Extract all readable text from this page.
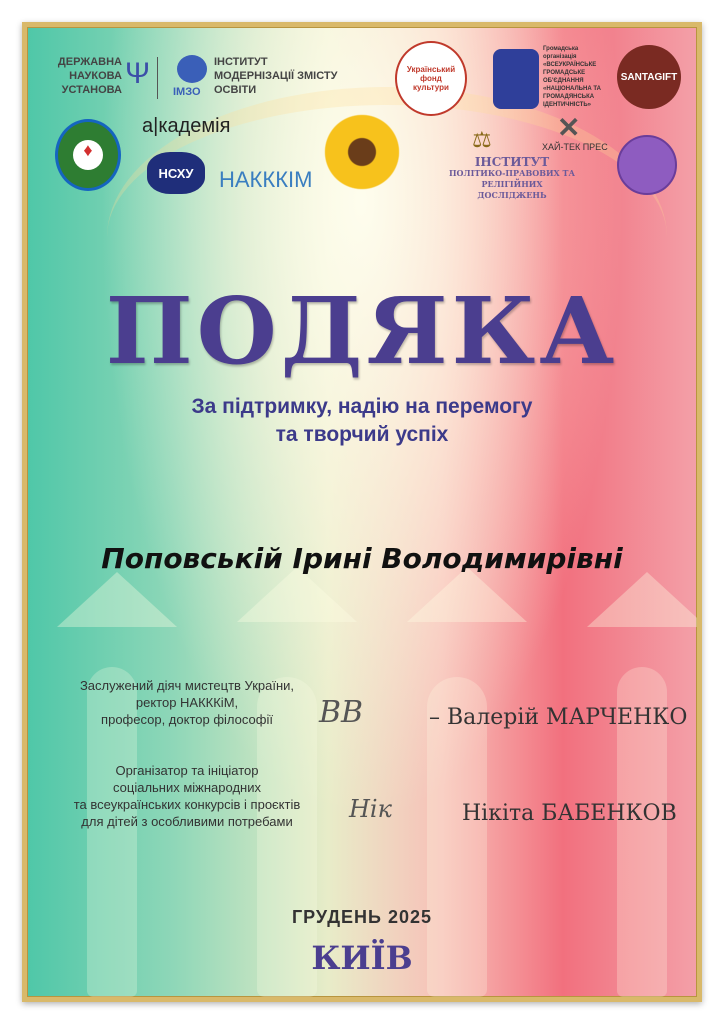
ДЕРЖАВНА
НАУКОВА
УСТАНОВА Ψ
ІМЗО
ІНСТИТУТ
МОДЕРНІЗАЦІЇ ЗМІСТУ
ОСВІТИ
Український фонд культури
Громадська організація
«ВСЕУКРАЇНСЬКЕ ГРОМАДСЬКЕ ОБ'ЄДНАННЯ
«НАЦІОНАЛЬНА ТА
ГРОМАДЯНСЬКА
ІДЕНТИЧНІСТЬ»
SANTAGIFT
♦
а|кадемія
НСХУ	НАКККІМ
⚖
ІНСТИТУТ
ПОЛІТИКО-ПРАВОВИХ ТА РЕЛІГІЙНИХ
ДОСЛІДЖЕНЬ
✕
ХАЙ-ТЕК ПРЕС
ПОДЯКА
За підтримку, надію на перемогу
та творчий успіх
Поповській Ірині Володимирівні
Заслужений діяч мистецтв України,
ректор НАКККіМ,
професор, доктор філософії	ВВ	– Валерій МАРЧЕНКО
Організатор та ініціатор
соціальних міжнародних
та всеукраїнських конкурсів і проєктів
для дітей з особливими потребами	Нік	Нікіта БАБЕНКОВ
ГРУДЕНЬ 2025
КИЇВ
